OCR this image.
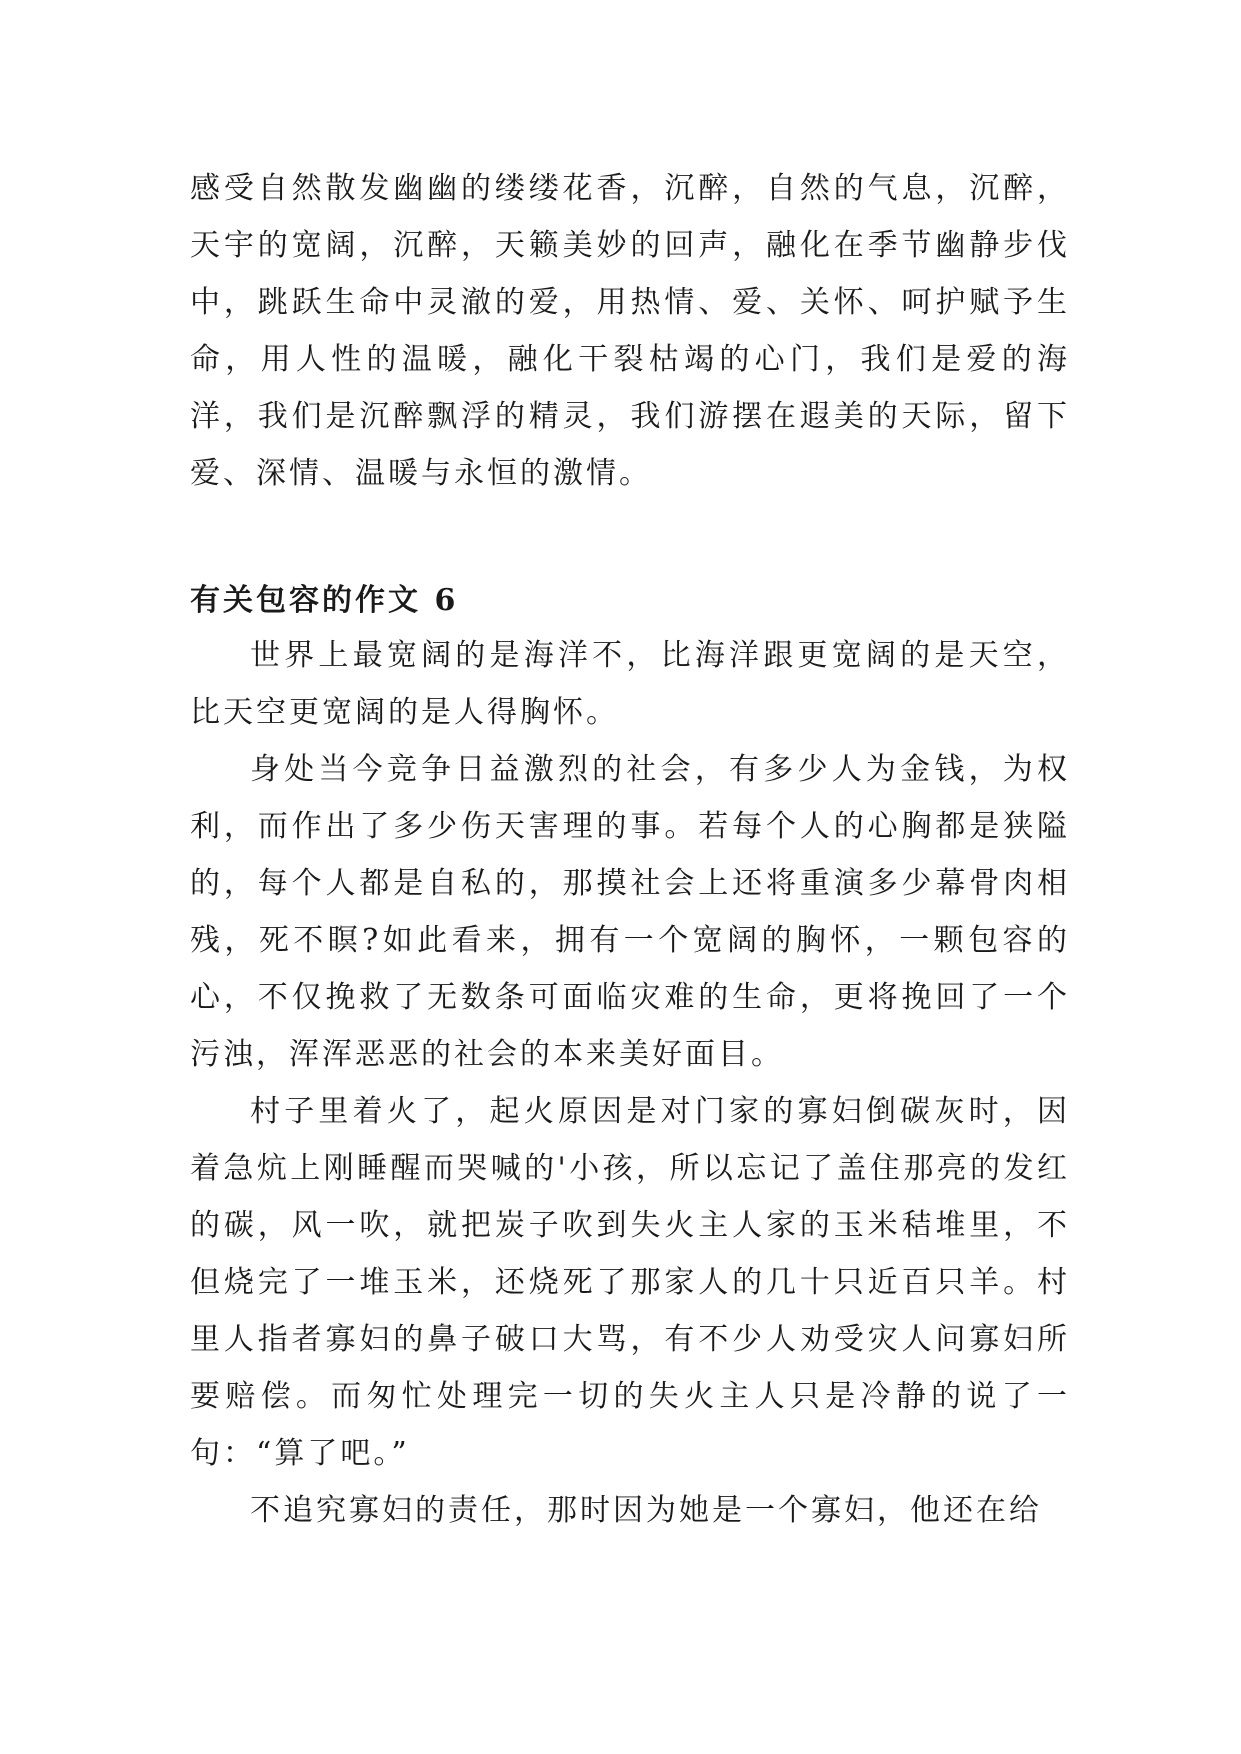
感受自然散发幽幽的缕缕花香，沉醉，自然的气息，沉醉，天宇的宽阔，沉醉，天籁美妙的回声，融化在季节幽静步伐中，跳跃生命中灵澈的爱，用热情、爱、关怀、呵护赋予生命，用人性的温暖，融化干裂枯竭的心门，我们是爱的海洋，我们是沉醉飘浮的精灵，我们游摆在遐美的天际，留下爱、深情、温暖与永恒的激情。

有关包容的作文 6

世界上最宽阔的是海洋不，比海洋跟更宽阔的是天空，比天空更宽阔的是人得胸怀。

身处当今竞争日益激烈的社会，有多少人为金钱，为权利，而作出了多少伤天害理的事。若每个人的心胸都是狭隘的，每个人都是自私的，那摸社会上还将重演多少幕骨肉相残，死不瞑?如此看来，拥有一个宽阔的胸怀，一颗包容的心，不仅挽救了无数条可面临灾难的生命，更将挽回了一个污浊，浑浑恶恶的社会的本来美好面目。

村子里着火了，起火原因是对门家的寡妇倒碳灰时，因着急炕上刚睡醒而哭喊的'小孩，所以忘记了盖住那亮的发红的碳，风一吹，就把炭子吹到失火主人家的玉米秸堆里，不但烧完了一堆玉米，还烧死了那家人的几十只近百只羊。村里人指者寡妇的鼻子破口大骂，有不少人劝受灾人问寡妇所要赔偿。而匆忙处理完一切的失火主人只是冷静的说了一句：“算了吧。”

不追究寡妇的责任，那时因为她是一个寡妇，他还在给
